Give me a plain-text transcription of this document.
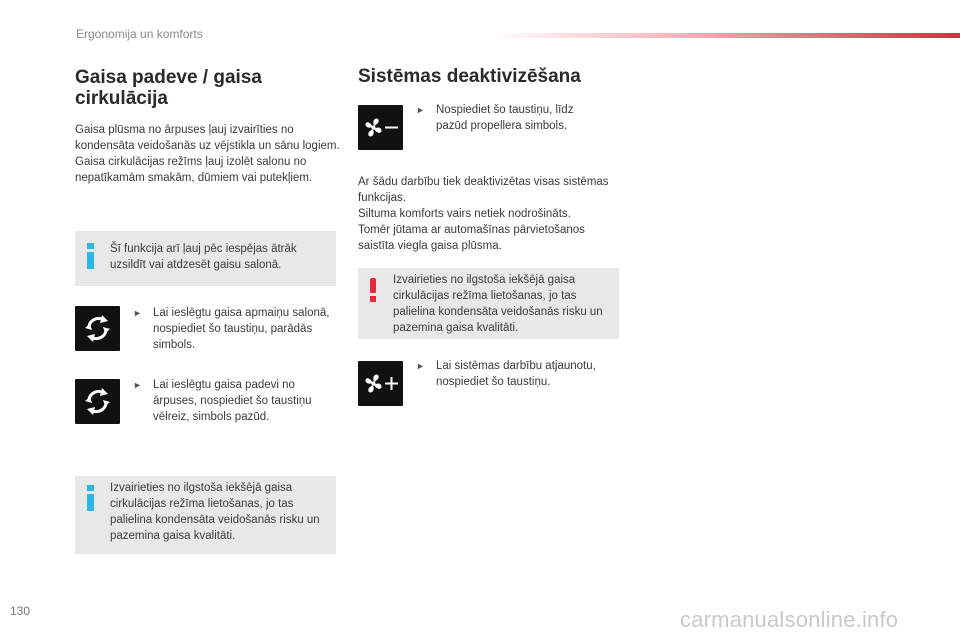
Ergonomija un komforts
Gaisa padeve / gaisa cirkulācija
Gaisa plūsma no ārpuses ļauj izvairīties no kondensāta veidošanās uz vējstikla un sānu logiem.
Gaisa cirkulācijas režīms ļauj izolēt salonu no nepatīkamām smakām, dūmiem vai putekļiem.
Šī funkcija arī ļauj pēc iespējas ātrāk uzsildīt vai atdzesēt gaisu salonā.
► Lai ieslēgtu gaisa apmaiņu salonā, nospiediet šo taustiņu, parādās simbols.
► Lai ieslēgtu gaisa padevi no ārpuses, nospiediet šo taustiņu vēlreiz, simbols pazūd.
Izvairieties no ilgstoša iekšējā gaisa cirkulācijas režīma lietošanas, jo tas palielina kondensāta veidošanās risku un pazemina gaisa kvalitāti.
Sistēmas deaktivizēšana
► Nospiediet šo taustiņu, līdz pazūd propellera simbols.
Ar šādu darbību tiek deaktivizētas visas sistēmas funkcijas.
Siltuma komforts vairs netiek nodrošināts.
Tomēr jūtama ar automašīnas pārvietošanos saistīta viegla gaisa plūsma.
Izvairieties no ilgstoša iekšējā gaisa cirkulācijas režīma lietošanas, jo tas palielina kondensāta veidošanās risku un pazemina gaisa kvalitāti.
► Lai sistēmas darbību atjaunotu, nospiediet šo taustiņu.
130	carmanualsonline.info
